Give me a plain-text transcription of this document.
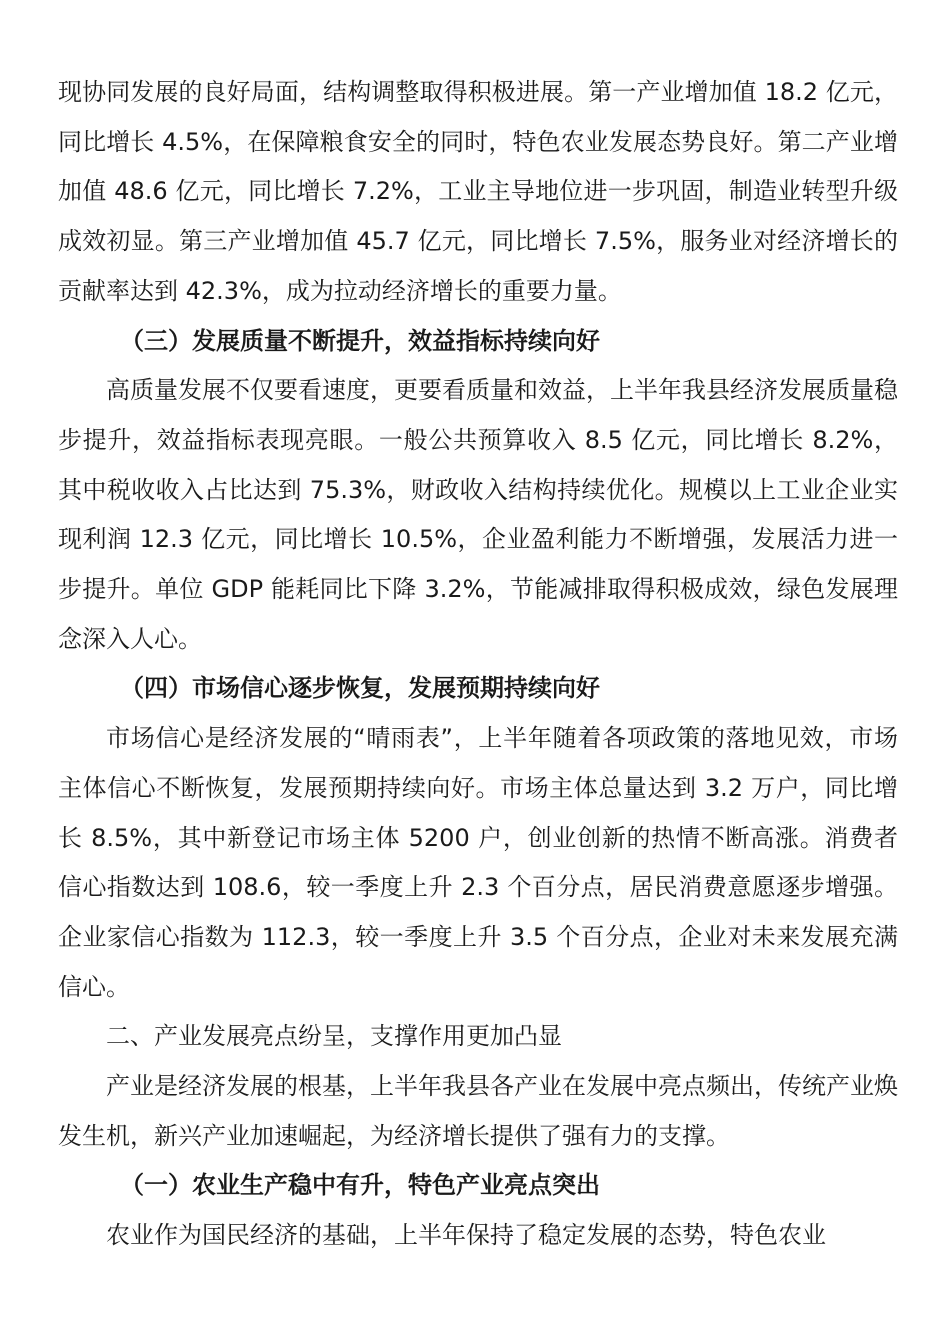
现协同发展的良好局面，结构调整取得积极进展。第一产业增加值 18.2 亿元，同比增长 4.5%，在保障粮食安全的同时，特色农业发展态势良好。第二产业增加值 48.6 亿元，同比增长 7.2%，工业主导地位进一步巩固，制造业转型升级成效初显。第三产业增加值 45.7 亿元，同比增长 7.5%，服务业对经济增长的贡献率达到 42.3%，成为拉动经济增长的重要力量。

（三）发展质量不断提升，效益指标持续向好

高质量发展不仅要看速度，更要看质量和效益，上半年我县经济发展质量稳步提升，效益指标表现亮眼。一般公共预算收入 8.5 亿元，同比增长 8.2%，其中税收收入占比达到 75.3%，财政收入结构持续优化。规模以上工业企业实现利润 12.3 亿元，同比增长 10.5%，企业盈利能力不断增强，发展活力进一步提升。单位 GDP 能耗同比下降 3.2%，节能减排取得积极成效，绿色发展理念深入人心。

（四）市场信心逐步恢复，发展预期持续向好

市场信心是经济发展的“晴雨表”，上半年随着各项政策的落地见效，市场主体信心不断恢复，发展预期持续向好。市场主体总量达到 3.2 万户，同比增长 8.5%，其中新登记市场主体 5200 户，创业创新的热情不断高涨。消费者信心指数达到 108.6，较一季度上升 2.3 个百分点，居民消费意愿逐步增强。企业家信心指数为 112.3，较一季度上升 3.5 个百分点，企业对未来发展充满信心。

二、产业发展亮点纷呈，支撑作用更加凸显

产业是经济发展的根基，上半年我县各产业在发展中亮点频出，传统产业焕发生机，新兴产业加速崛起，为经济增长提供了强有力的支撑。

（一）农业生产稳中有升，特色产业亮点突出

农业作为国民经济的基础，上半年保持了稳定发展的态势，特色农业
